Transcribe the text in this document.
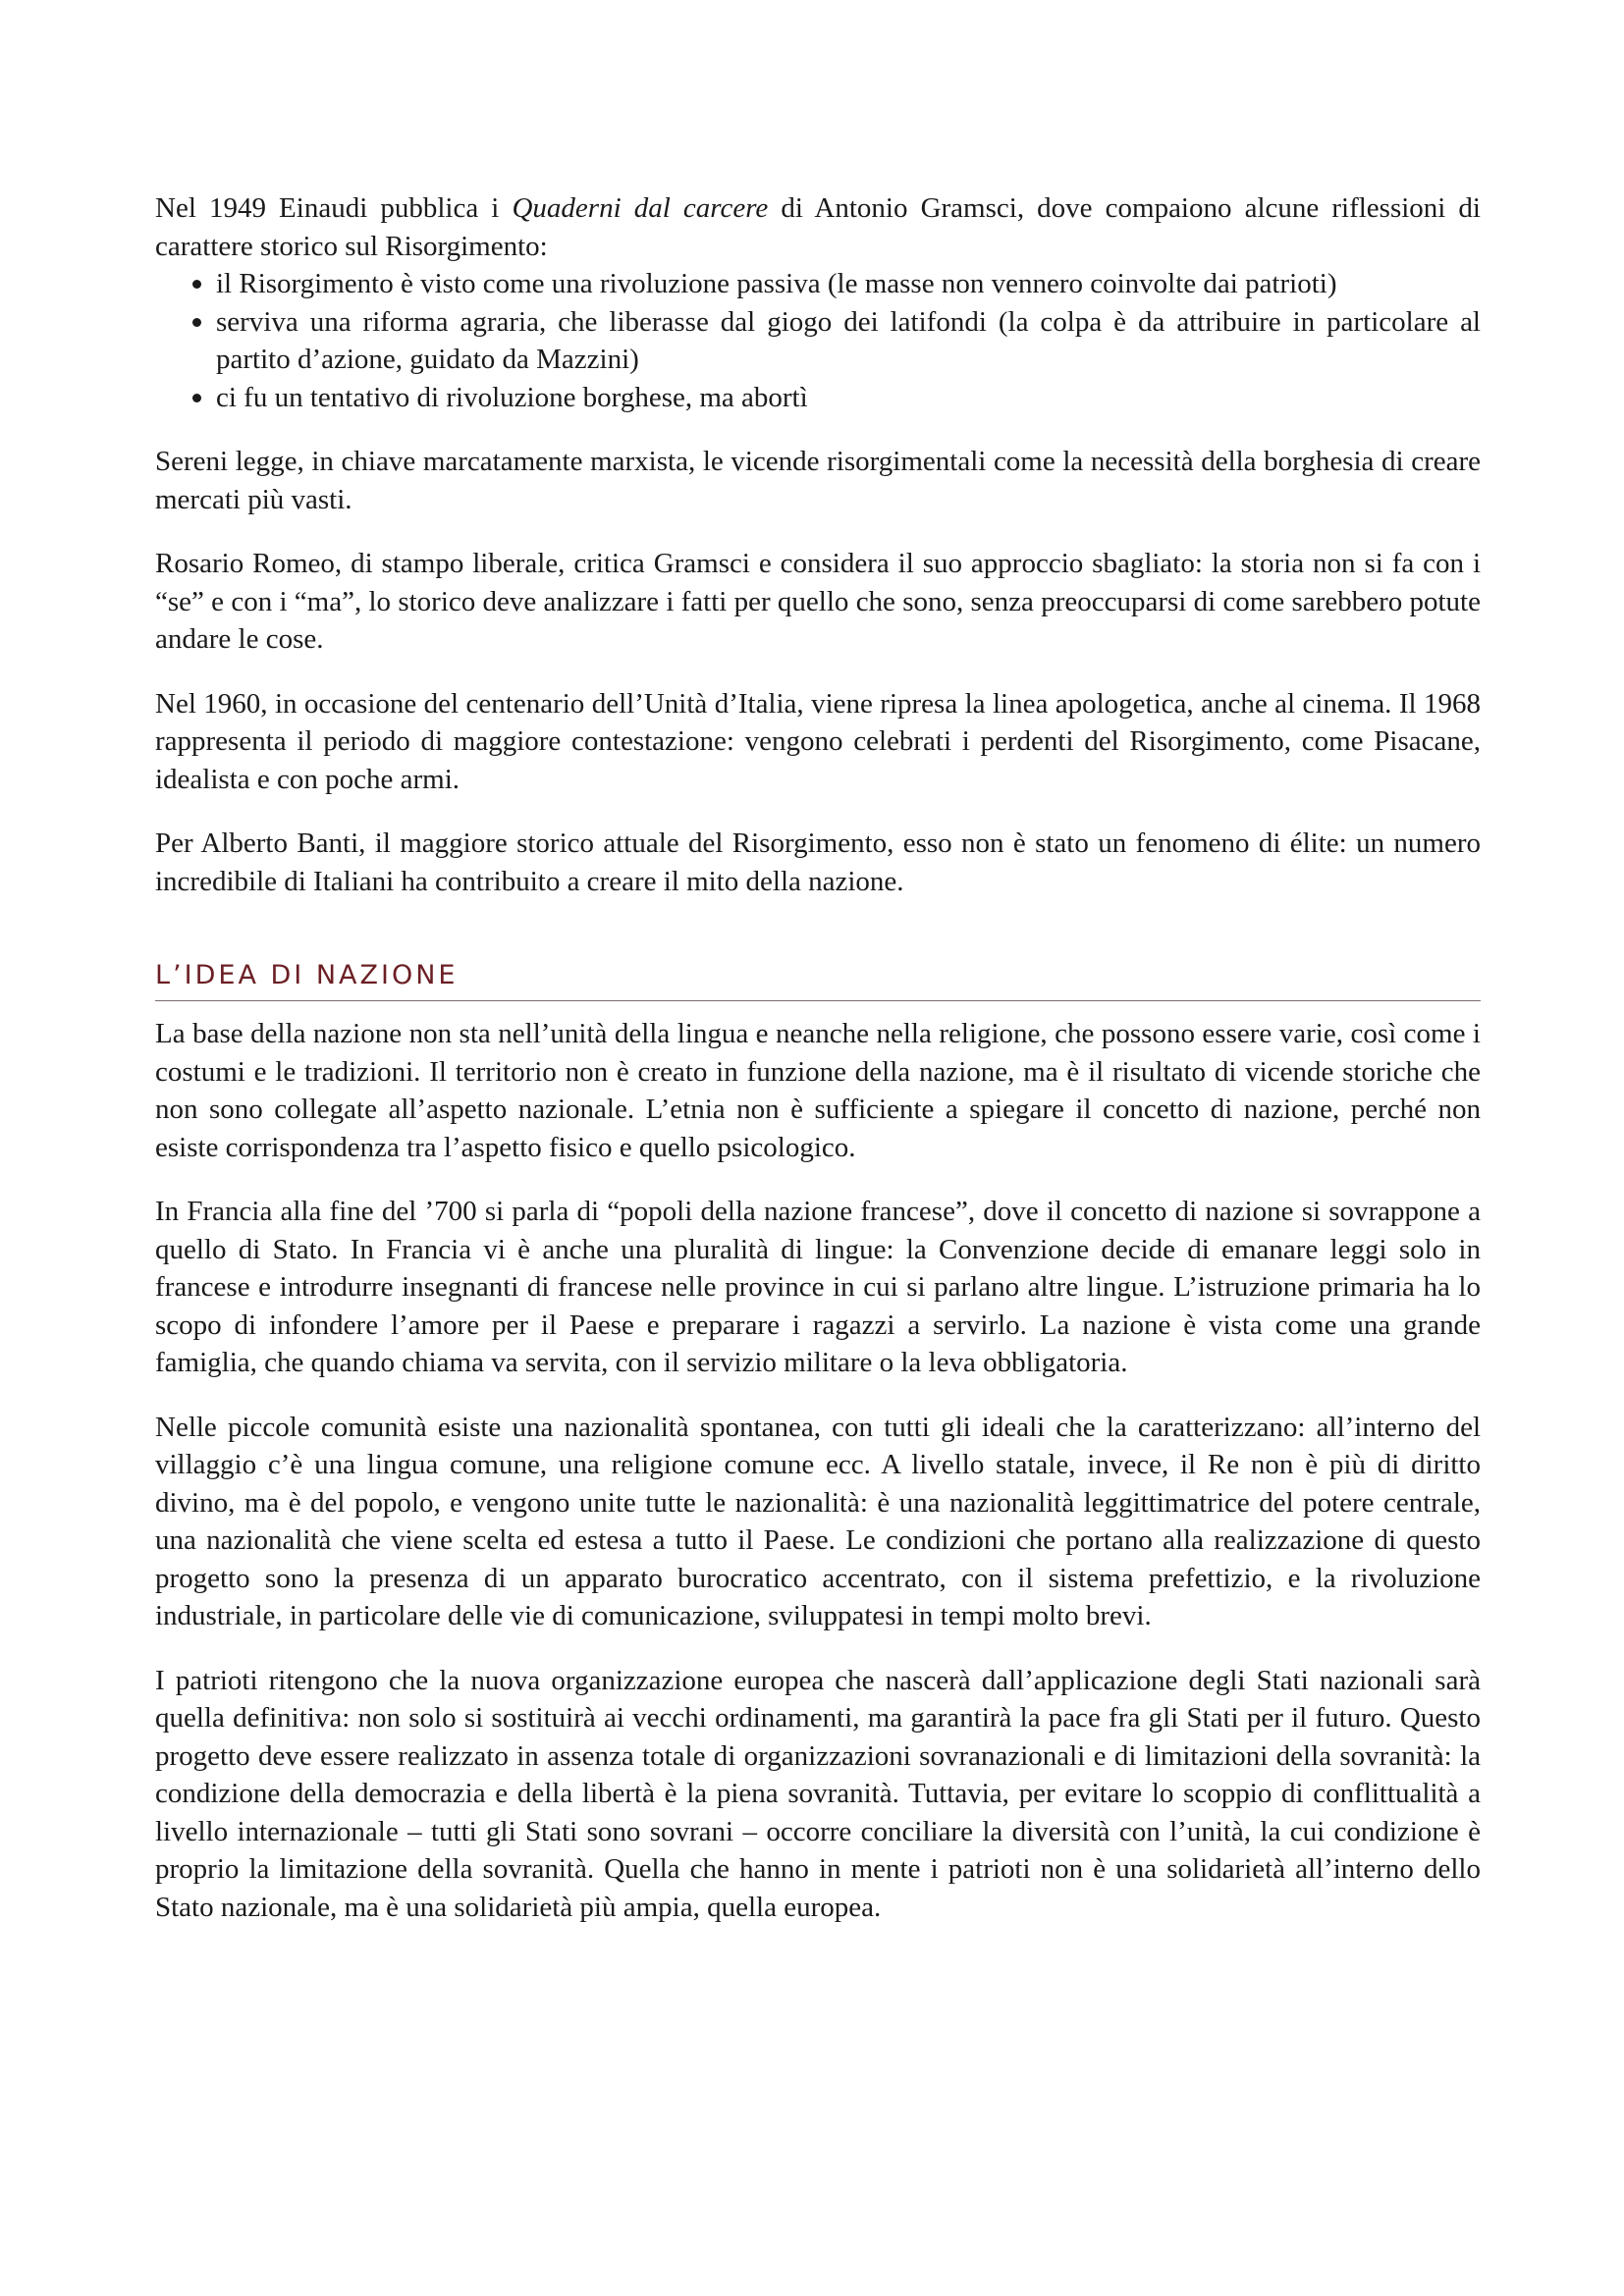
Nel 1949 Einaudi pubblica i Quaderni dal carcere di Antonio Gramsci, dove compaiono alcune riflessioni di carattere storico sul Risorgimento:

il Risorgimento è visto come una rivoluzione passiva (le masse non vennero coinvolte dai patrioti)
serviva una riforma agraria, che liberasse dal giogo dei latifondi (la colpa è da attribuire in particolare al partito d’azione, guidato da Mazzini)
ci fu un tentativo di rivoluzione borghese, ma abortì

Sereni legge, in chiave marcatamente marxista, le vicende risorgimentali come la necessità della borghesia di creare mercati più vasti.

Rosario Romeo, di stampo liberale, critica Gramsci e considera il suo approccio sbagliato: la storia non si fa con i “se” e con i “ma”, lo storico deve analizzare i fatti per quello che sono, senza preoccuparsi di come sarebbero potute andare le cose.

Nel 1960, in occasione del centenario dell’Unità d’Italia, viene ripresa la linea apologetica, anche al cinema. Il 1968 rappresenta il periodo di maggiore contestazione: vengono celebrati i perdenti del Risorgimento, come Pisacane, idealista e con poche armi.

Per Alberto Banti, il maggiore storico attuale del Risorgimento, esso non è stato un fenomeno di élite: un numero incredibile di Italiani ha contribuito a creare il mito della nazione.

L’IDEA DI NAZIONE

La base della nazione non sta nell’unità della lingua e neanche nella religione, che possono essere varie, così come i costumi e le tradizioni. Il territorio non è creato in funzione della nazione, ma è il risultato di vicende storiche che non sono collegate all’aspetto nazionale. L’etnia non è sufficiente a spiegare il concetto di nazione, perché non esiste corrispondenza tra l’aspetto fisico e quello psicologico.

In Francia alla fine del ’700 si parla di “popoli della nazione francese”, dove il concetto di nazione si sovrappone a quello di Stato. In Francia vi è anche una pluralità di lingue: la Convenzione decide di emanare leggi solo in francese e introdurre insegnanti di francese nelle province in cui si parlano altre lingue. L’istruzione primaria ha lo scopo di infondere l’amore per il Paese e preparare i ragazzi a servirlo. La nazione è vista come una grande famiglia, che quando chiama va servita, con il servizio militare o la leva obbligatoria.

Nelle piccole comunità esiste una nazionalità spontanea, con tutti gli ideali che la caratterizzano: all’interno del villaggio c’è una lingua comune, una religione comune ecc. A livello statale, invece, il Re non è più di diritto divino, ma è del popolo, e vengono unite tutte le nazionalità: è una nazionalità leggittimatrice del potere centrale, una nazionalità che viene scelta ed estesa a tutto il Paese. Le condizioni che portano alla realizzazione di questo progetto sono la presenza di un apparato burocratico accentrato, con il sistema prefettizio, e la rivoluzione industriale, in particolare delle vie di comunicazione, sviluppatesi in tempi molto brevi.

I patrioti ritengono che la nuova organizzazione europea che nascerà dall’applicazione degli Stati nazionali sarà quella definitiva: non solo si sostituirà ai vecchi ordinamenti, ma garantirà la pace fra gli Stati per il futuro. Questo progetto deve essere realizzato in assenza totale di organizzazioni sovranazionali e di limitazioni della sovranità: la condizione della democrazia e della libertà è la piena sovranità. Tuttavia, per evitare lo scoppio di conflittualità a livello internazionale – tutti gli Stati sono sovrani – occorre conciliare la diversità con l’unità, la cui condizione è proprio la limitazione della sovranità. Quella che hanno in mente i patrioti non è una solidarietà all’interno dello Stato nazionale, ma è una solidarietà più ampia, quella europea.
